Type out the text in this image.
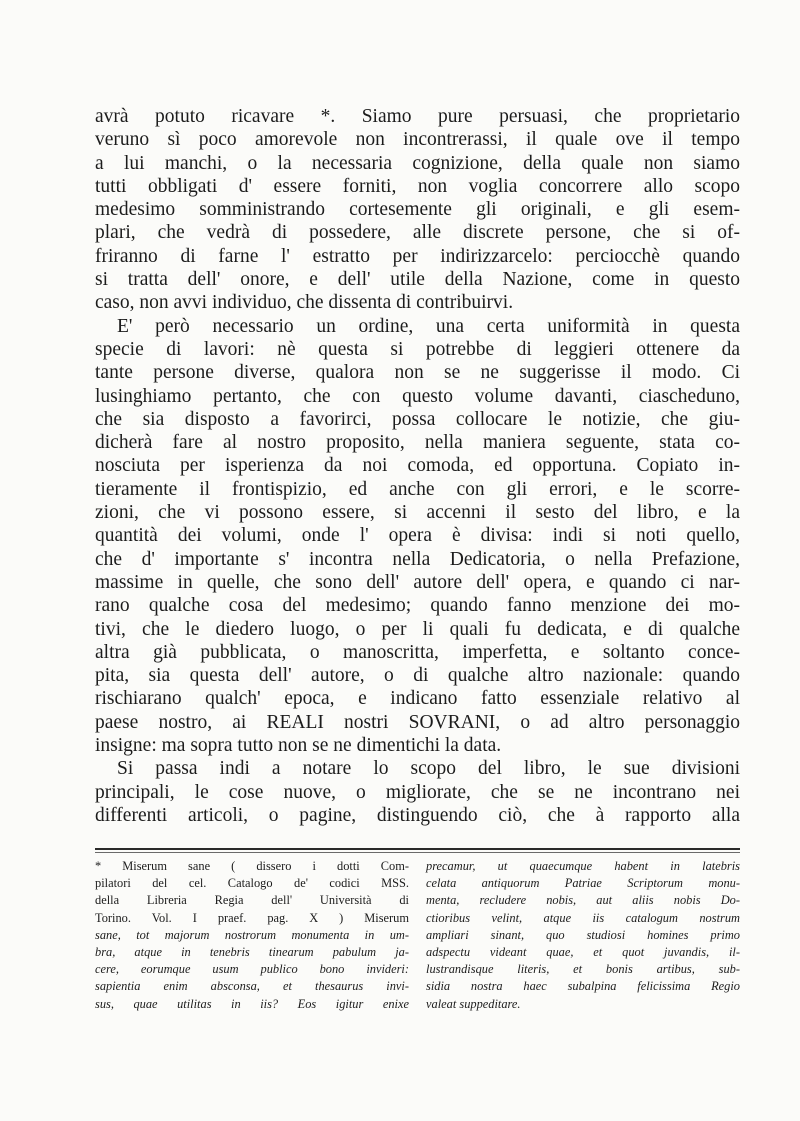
avrà potuto ricavare *. Siamo pure persuasi, che proprietario
veruno sì poco amorevole non incontrerassi, il quale ove il tempo
a lui manchi, o la necessaria cognizione, della quale non siamo
tutti obbligati d' essere forniti, non voglia concorrere allo scopo
medesimo somministrando cortesemente gli originali, e gli esem-
plari, che vedrà di possedere, alle discrete persone, che si of-
friranno di farne l' estratto per indirizzarcelo: perciocchè quando
si tratta dell' onore, e dell' utile della Nazione, come in questo
caso, non avvi individuo, che dissenta di contribuirvi.
E' però necessario un ordine, una certa uniformità in questa
specie di lavori: nè questa si potrebbe di leggieri ottenere da
tante persone diverse, qualora non se ne suggerisse il modo. Ci
lusinghiamo pertanto, che con questo volume davanti, ciascheduno,
che sia disposto a favorirci, possa collocare le notizie, che giu-
dicherà fare al nostro proposito, nella maniera seguente, stata co-
nosciuta per isperienza da noi comoda, ed opportuna. Copiato in-
tieramente il frontispizio, ed anche con gli errori, e le scorre-
zioni, che vi possono essere, si accenni il sesto del libro, e la
quantità dei volumi, onde l' opera è divisa: indi si noti quello,
che d' importante s' incontra nella Dedicatoria, o nella Prefazione,
massime in quelle, che sono dell' autore dell' opera, e quando ci nar-
rano qualche cosa del medesimo; quando fanno menzione dei mo-
tivi, che le diedero luogo, o per li quali fu dedicata, e di qualche
altra già pubblicata, o manoscritta, imperfetta, e soltanto conce-
pita, sia questa dell' autore, o di qualche altro nazionale: quando
rischiarano qualch' epoca, e indicano fatto essenziale relativo al
paese nostro, ai REALI nostri SOVRANI, o ad altro personaggio
insigne: ma sopra tutto non se ne dimentichi la data.
Si passa indi a notare lo scopo del libro, le sue divisioni
principali, le cose nuove, o migliorate, che se ne incontrano nei
differenti articoli, o pagine, distinguendo ciò, che à rapporto alla
* Miserum sane ( dissero i dotti Com-
pilatori del cel. Catalogo de' codici MSS.
della Libreria Regia dell' Università di
Torino. Vol. I praef. pag. X ) Miserum
sane, tot majorum nostrorum monumenta in um-
bra, atque in tenebris tinearum pabulum ja-
cere, eorumque usum publico bono invideri:
sapientia enim absconsa, et thesaurus invi-
sus, quae utilitas in iis? Eos igitur enixe
precamur, ut quaecumque habent in latebris
celata antiquorum Patriae Scriptorum monu-
menta, recludere nobis, aut aliis nobis Do-
ctioribus velint, atque iis catalogum nostrum
ampliari sinant, quo studiosi homines primo
adspectu videant quae, et quot juvandis, il-
lustrandisque literis, et bonis artibus, sub-
sidia nostra haec subalpina felicissima Regio
valeat suppeditare.
